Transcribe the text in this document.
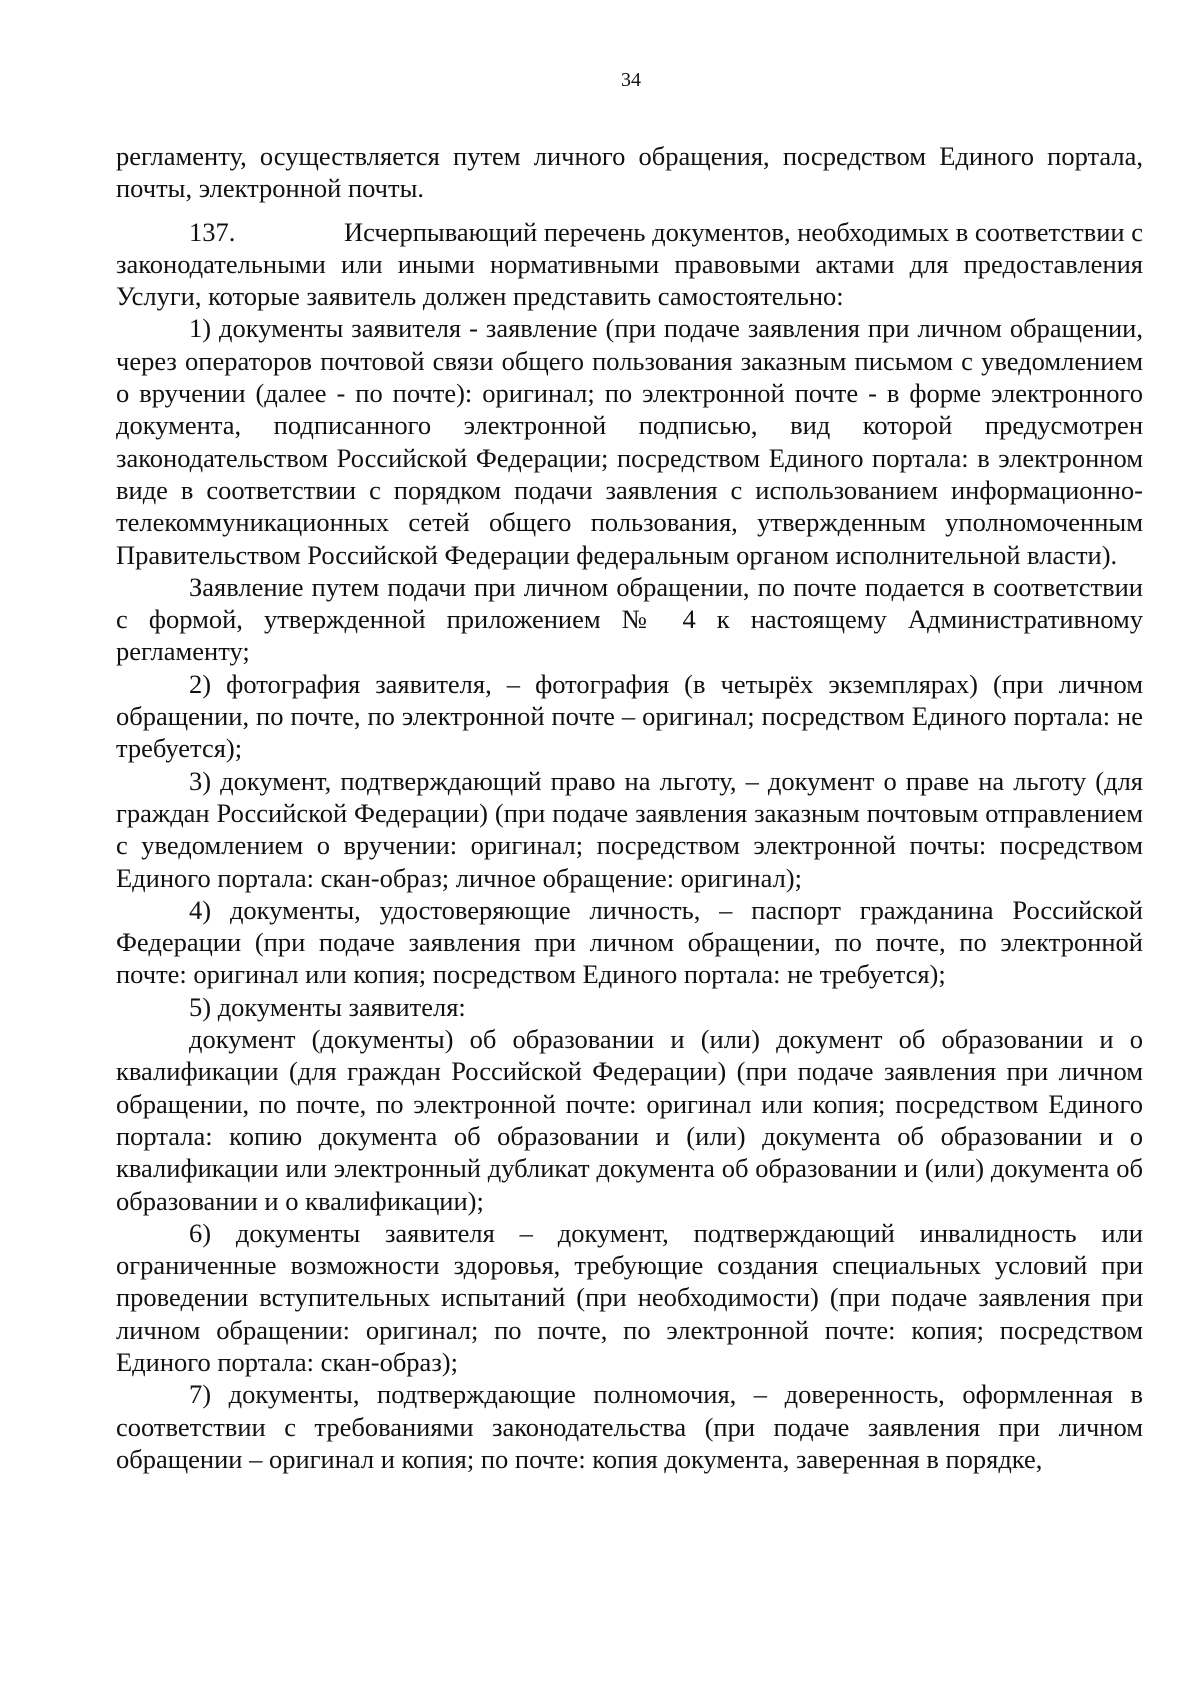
34

регламенту, осуществляется путем личного обращения, посредством Единого портала, почты, электронной почты.

137.	Исчерпывающий перечень документов, необходимых в соответствии с законодательными или иными нормативными правовыми актами для предоставления Услуги, которые заявитель должен представить самостоятельно:

1) документы заявителя - заявление (при подаче заявления при личном обращении, через операторов почтовой связи общего пользования заказным письмом с уведомлением о вручении (далее - по почте): оригинал; по электронной почте - в форме электронного документа, подписанного электронной подписью, вид которой предусмотрен законодательством Российской Федерации; посредством Единого портала: в электронном виде в соответствии с порядком подачи заявления с использованием информационно-телекоммуникационных сетей общего пользования, утвержденным уполномоченным Правительством Российской Федерации федеральным органом исполнительной власти).

Заявление путем подачи при личном обращении, по почте подается в соответствии с формой, утвержденной приложением № 4 к настоящему Административному регламенту;

2) фотография заявителя, – фотография (в четырёх экземплярах) (при личном обращении, по почте, по электронной почте – оригинал; посредством Единого портала: не требуется);

3) документ, подтверждающий право на льготу, – документ о праве на льготу (для граждан Российской Федерации) (при подаче заявления заказным почтовым отправлением с уведомлением о вручении: оригинал; посредством электронной почты: посредством Единого портала: скан-образ; личное обращение: оригинал);

4) документы, удостоверяющие личность, – паспорт гражданина Российской Федерации (при подаче заявления при личном обращении, по почте, по электронной почте: оригинал или копия; посредством Единого портала: не требуется);

5) документы заявителя:

документ (документы) об образовании и (или) документ об образовании и о квалификации (для граждан Российской Федерации) (при подаче заявления при личном обращении, по почте, по электронной почте: оригинал или копия; посредством Единого портала: копию документа об образовании и (или) документа об образовании и о квалификации или электронный дубликат документа об образовании и (или) документа об образовании и о квалификации);

6) документы заявителя – документ, подтверждающий инвалидность или ограниченные возможности здоровья, требующие создания специальных условий при проведении вступительных испытаний (при необходимости) (при подаче заявления при личном обращении: оригинал; по почте, по электронной почте: копия; посредством Единого портала: скан-образ);

7) документы, подтверждающие полномочия, – доверенность, оформленная в соответствии с требованиями законодательства (при подаче заявления при личном обращении – оригинал и копия; по почте: копия документа, заверенная в порядке,
